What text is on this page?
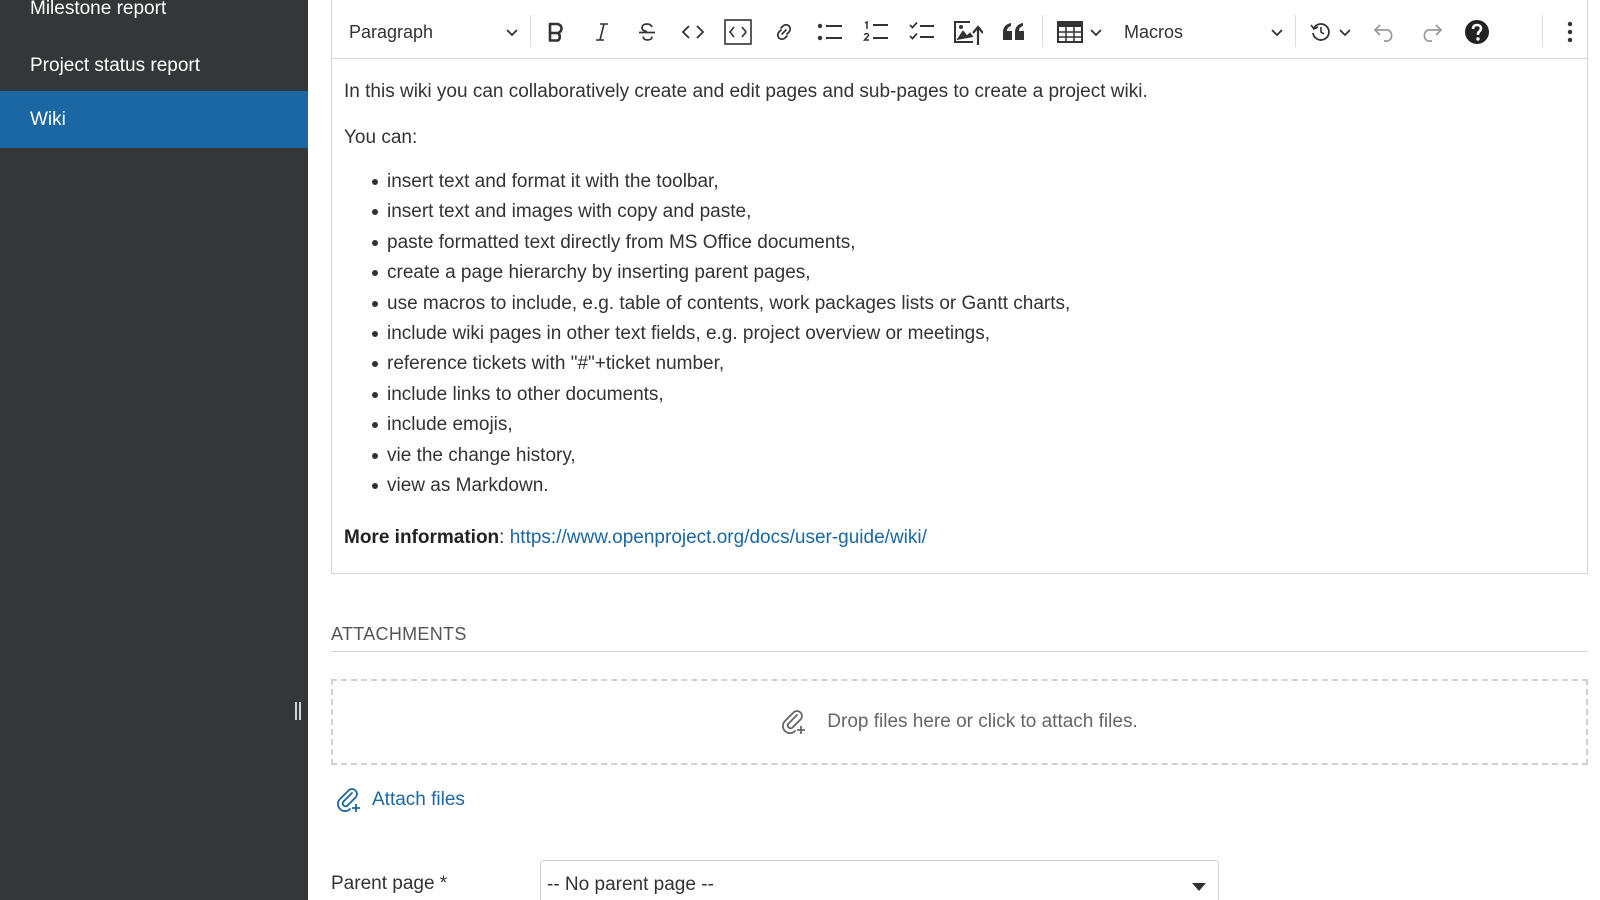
Milestone report
Project status report
Wiki
Paragraph	Macros

In this wiki you can collaboratively create and edit pages and sub-pages to create a project wiki.

You can:

insert text and format it with the toolbar,
insert text and images with copy and paste,
paste formatted text directly from MS Office documents,
create a page hierarchy by inserting parent pages,
use macros to include, e.g. table of contents, work packages lists or Gantt charts,
include wiki pages in other text fields, e.g. project overview or meetings,
reference tickets with "#"+ticket number,
include links to other documents,
include emojis,
vie the change history,
view as Markdown.

More information: https://www.openproject.org/docs/user-guide/wiki/

ATTACHMENTS
Drop files here or click to attach files.
Attach files
Parent page *	-- No parent page --
